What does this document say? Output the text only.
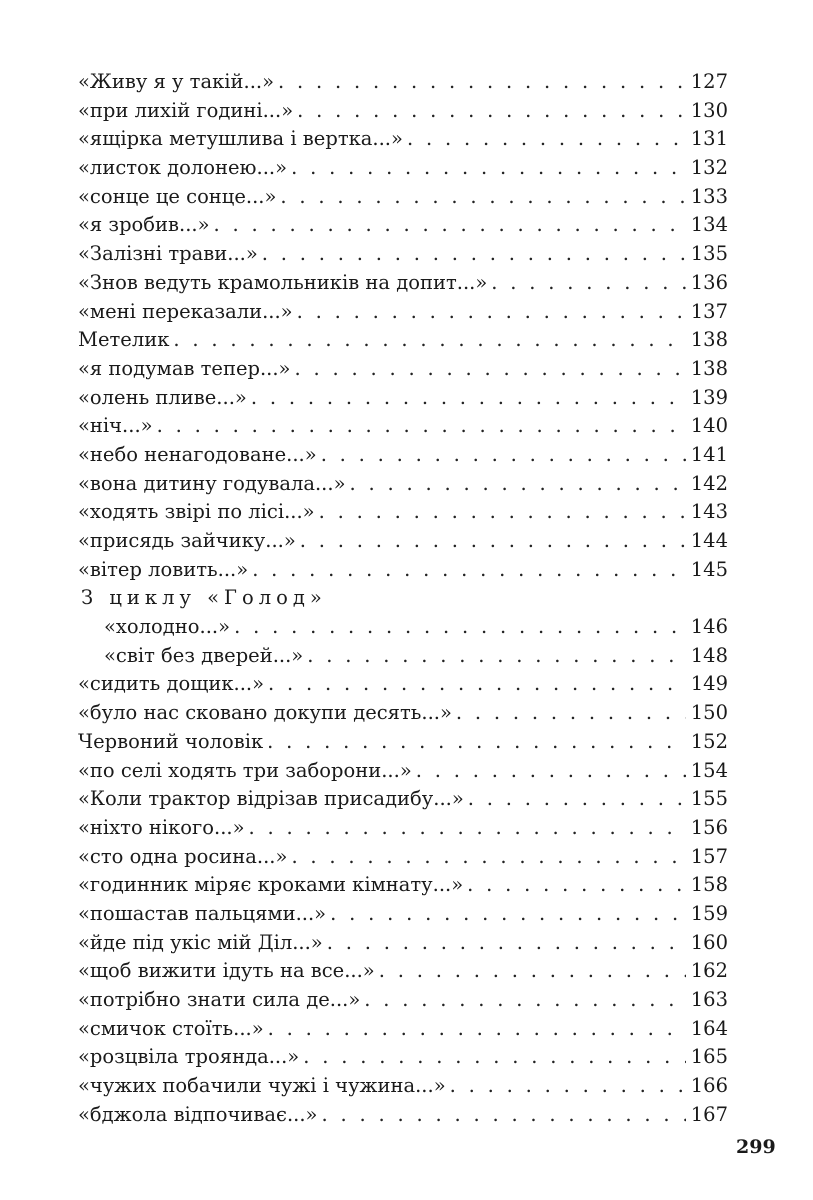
«Живу я у такій...» . . .	127
«при лихій годині...» . . .	130
«ящірка метушлива і вертка...» . . .	131
«листок долонею...» . . .	132
«сонце це сонце...» . . .	133
«я зробив...» . . .	134
«Залізні трави...» . . .	135
«Знов ведуть крамольників на допит...» . . .	136
«мені переказали...» . . .	137
Метелик . . .	138
«я подумав тепер...» . . .	138
«олень пливе...» . . .	139
«ніч...» . . .	140
«небо ненагодоване...» . . .	141
«вона дитину годувала...» . . .	142
«ходять звірі по лісі...» . . .	143
«присядь зайчику...» . . .	144
«вітер ловить...» . . .	145
З циклу «Голод»
«холодно...» . . .	146
«світ без дверей...» . . .	148
«сидить дощик...» . . .	149
«було нас сковано докупи десять...» . . .	150
Червоний чоловік . . .	152
«по селі ходять три заборони...» . . .	154
«Коли трактор відрізав присадибу...» . . .	155
«ніхто нікого...» . . .	156
«сто одна росина...» . . .	157
«годинник міряє кроками кімнату...» . . .	158
«пошастав пальцями...» . . .	159
«йде під укіс мій Діл...» . . .	160
«щоб вижити ідуть на все...» . . .	162
«потрібно знати сила де...» . . .	163
«смичок стоїть...» . . .	164
«розцвіла троянда...» . . .	165
«чужих побачили чужі і чужина...» . . .	166
«бджола відпочиває...» . . .	167
299
